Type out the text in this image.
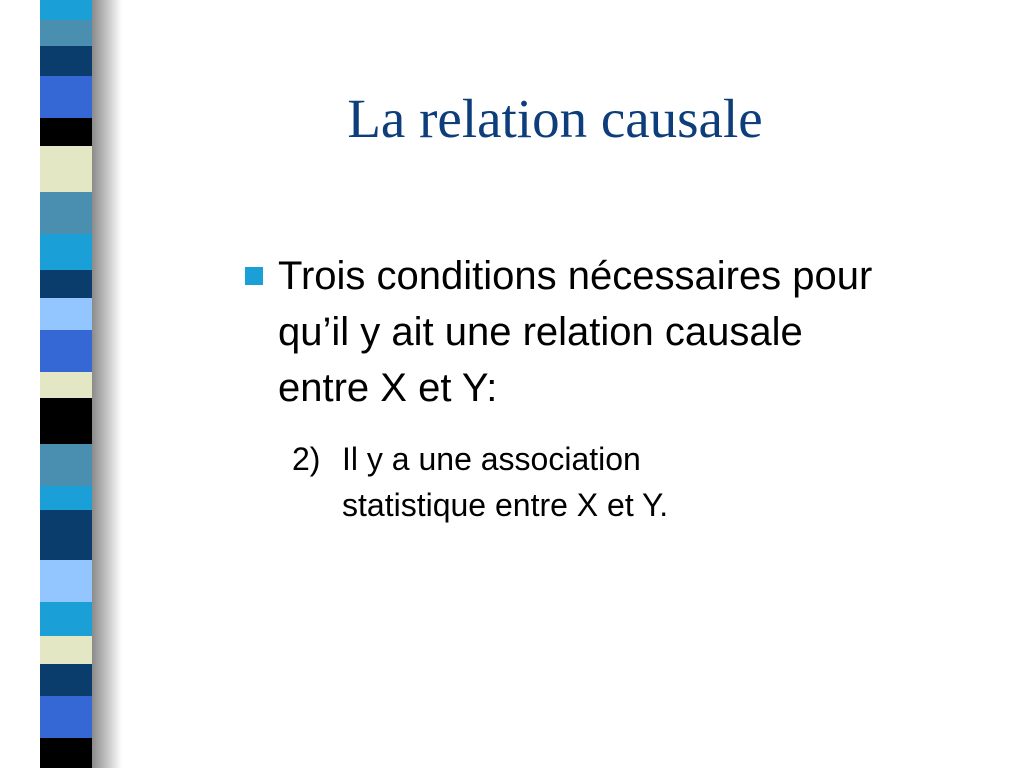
La relation causale
Trois conditions nécessaires pour qu’il y ait une relation causale entre X et Y:
2) Il y a une association statistique entre X et Y.
